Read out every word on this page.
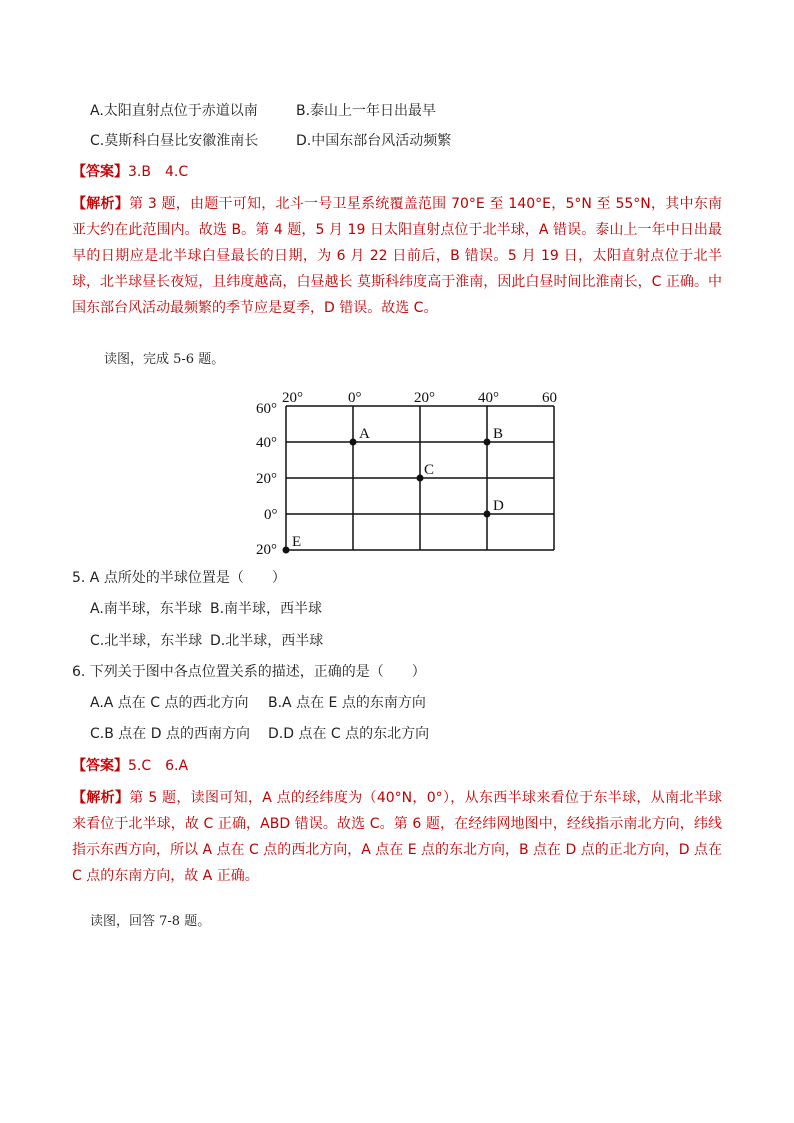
A.太阳直射点位于赤道以南	B.泰山上一年日出最早
C.莫斯科白昼比安徽淮南长	D.中国东部台风活动频繁
【答案】3.B　4.C
【解析】第 3 题，由题干可知，北斗一号卫星系统覆盖范围 70°E 至 140°E，5°N 至 55°N，其中东南亚大约在此范围内。故选 B。第 4 题，5 月 19 日太阳直射点位于北半球，A 错误。泰山上一年中日出最早的日期应是北半球白昼最长的日期，为 6 月 22 日前后，B 错误。5 月 19 日，太阳直射点位于北半球，北半球昼长夜短，且纬度越高，白昼越长 莫斯科纬度高于淮南，因此白昼时间比淮南长，C 正确。中国东部台风活动最频繁的季节应是夏季，D 错误。故选 C。
读图，完成 5-6 题。
20°	0°	20°	40°	60
60°
40°
20°
0°
20°
A	B
C
D
E
5. A 点所处的半球位置是（　　）
A.南半球，东半球 B.南半球，西半球
C.北半球，东半球 D.北半球，西半球
6. 下列关于图中各点位置关系的描述，正确的是（　　）
A.A 点在 C 点的西北方向 B.A 点在 E 点的东南方向
C.B 点在 D 点的西南方向 D.D 点在 C 点的东北方向
【答案】5.C　6.A
【解析】第 5 题，读图可知，A 点的经纬度为（40°N，0°），从东西半球来看位于东半球，从南北半球来看位于北半球，故 C 正确，ABD 错误。故选 C。第 6 题，在经纬网地图中，经线指示南北方向，纬线指示东西方向，所以 A 点在 C 点的西北方向，A 点在 E 点的东北方向，B 点在 D 点的正北方向，D 点在 C 点的东南方向，故 A 正确。
读图，回答 7-8 题。
